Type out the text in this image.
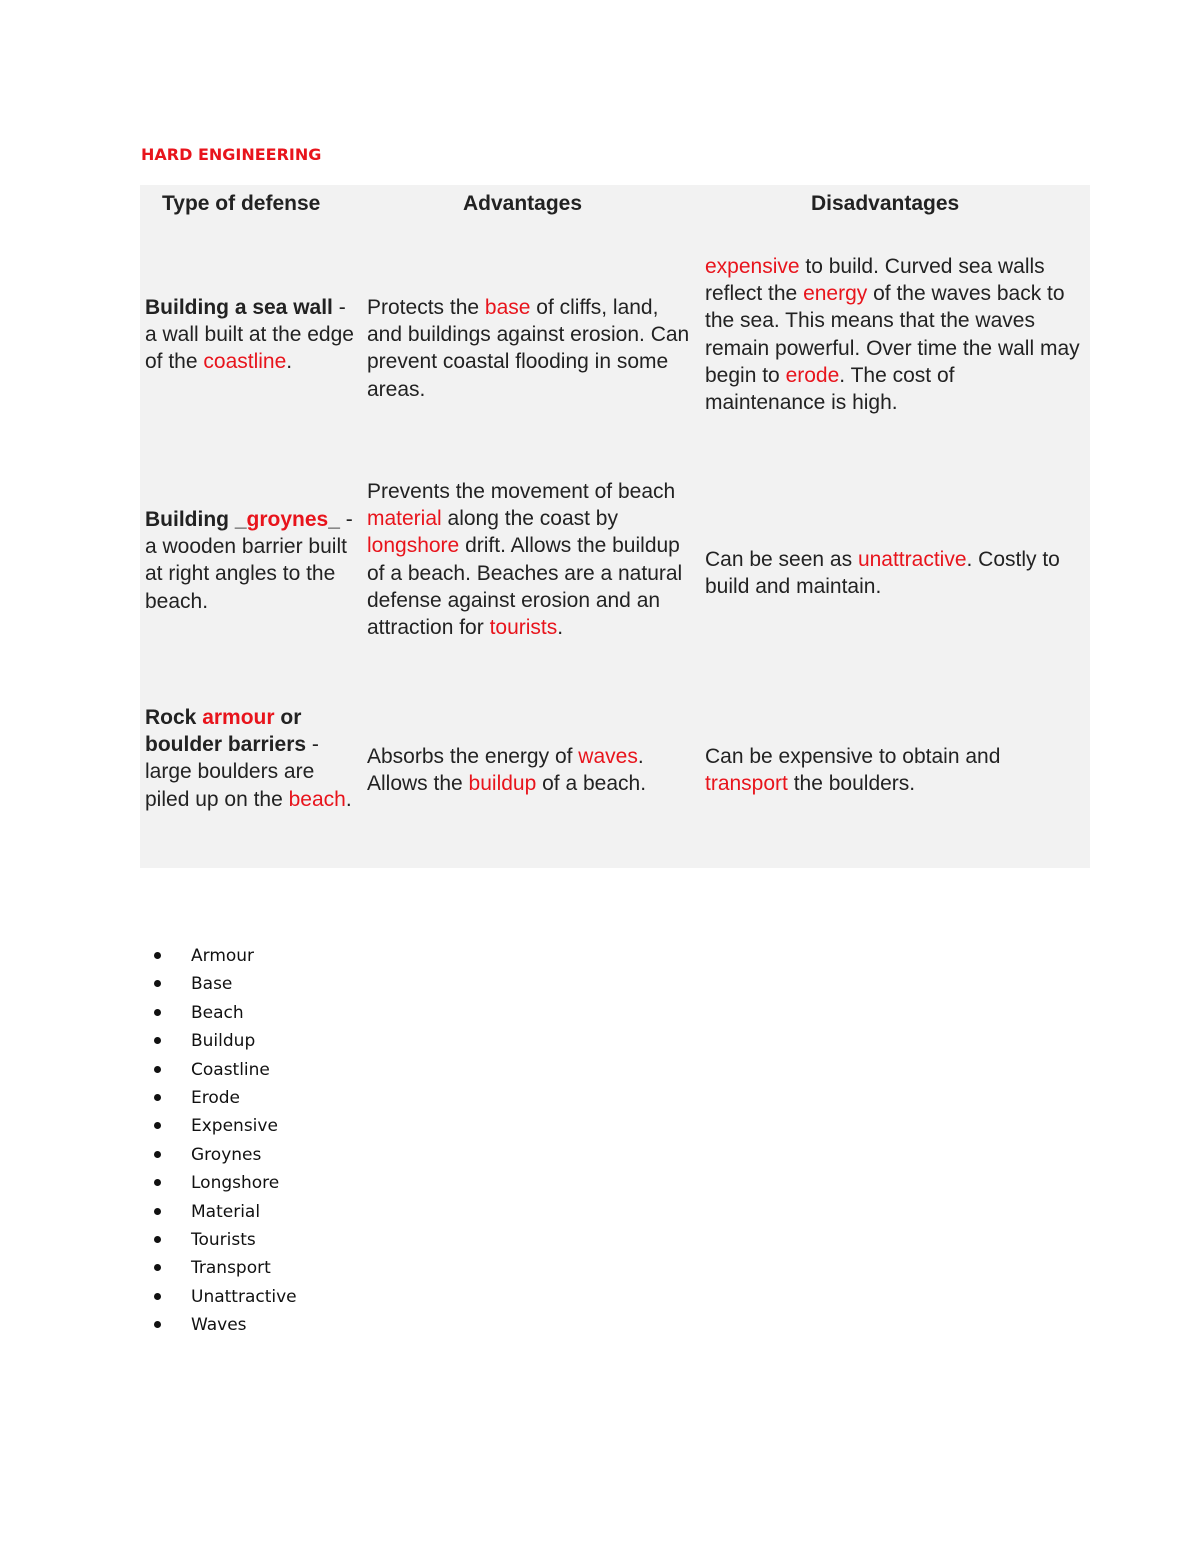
HARD ENGINEERING
Type of defense	Advantages	Disadvantages
Building a sea wall - a wall built at the edge of the coastline.
Protects the base of cliffs, land, and buildings against erosion. Can prevent coastal flooding in some areas.
expensive to build. Curved sea walls reflect the energy of the waves back to the sea. This means that the waves remain powerful. Over time the wall may begin to erode. The cost of maintenance is high.
Building _groynes_ - a wooden barrier built at right angles to the beach.
Prevents the movement of beach material along the coast by longshore drift. Allows the buildup of a beach. Beaches are a natural defense against erosion and an attraction for tourists.
Can be seen as unattractive. Costly to build and maintain.
Rock armour or boulder barriers - large boulders are piled up on the beach.
Absorbs the energy of waves. Allows the buildup of a beach.
Can be expensive to obtain and transport the boulders.
Armour
Base
Beach
Buildup
Coastline
Erode
Expensive
Groynes
Longshore
Material
Tourists
Transport
Unattractive
Waves
